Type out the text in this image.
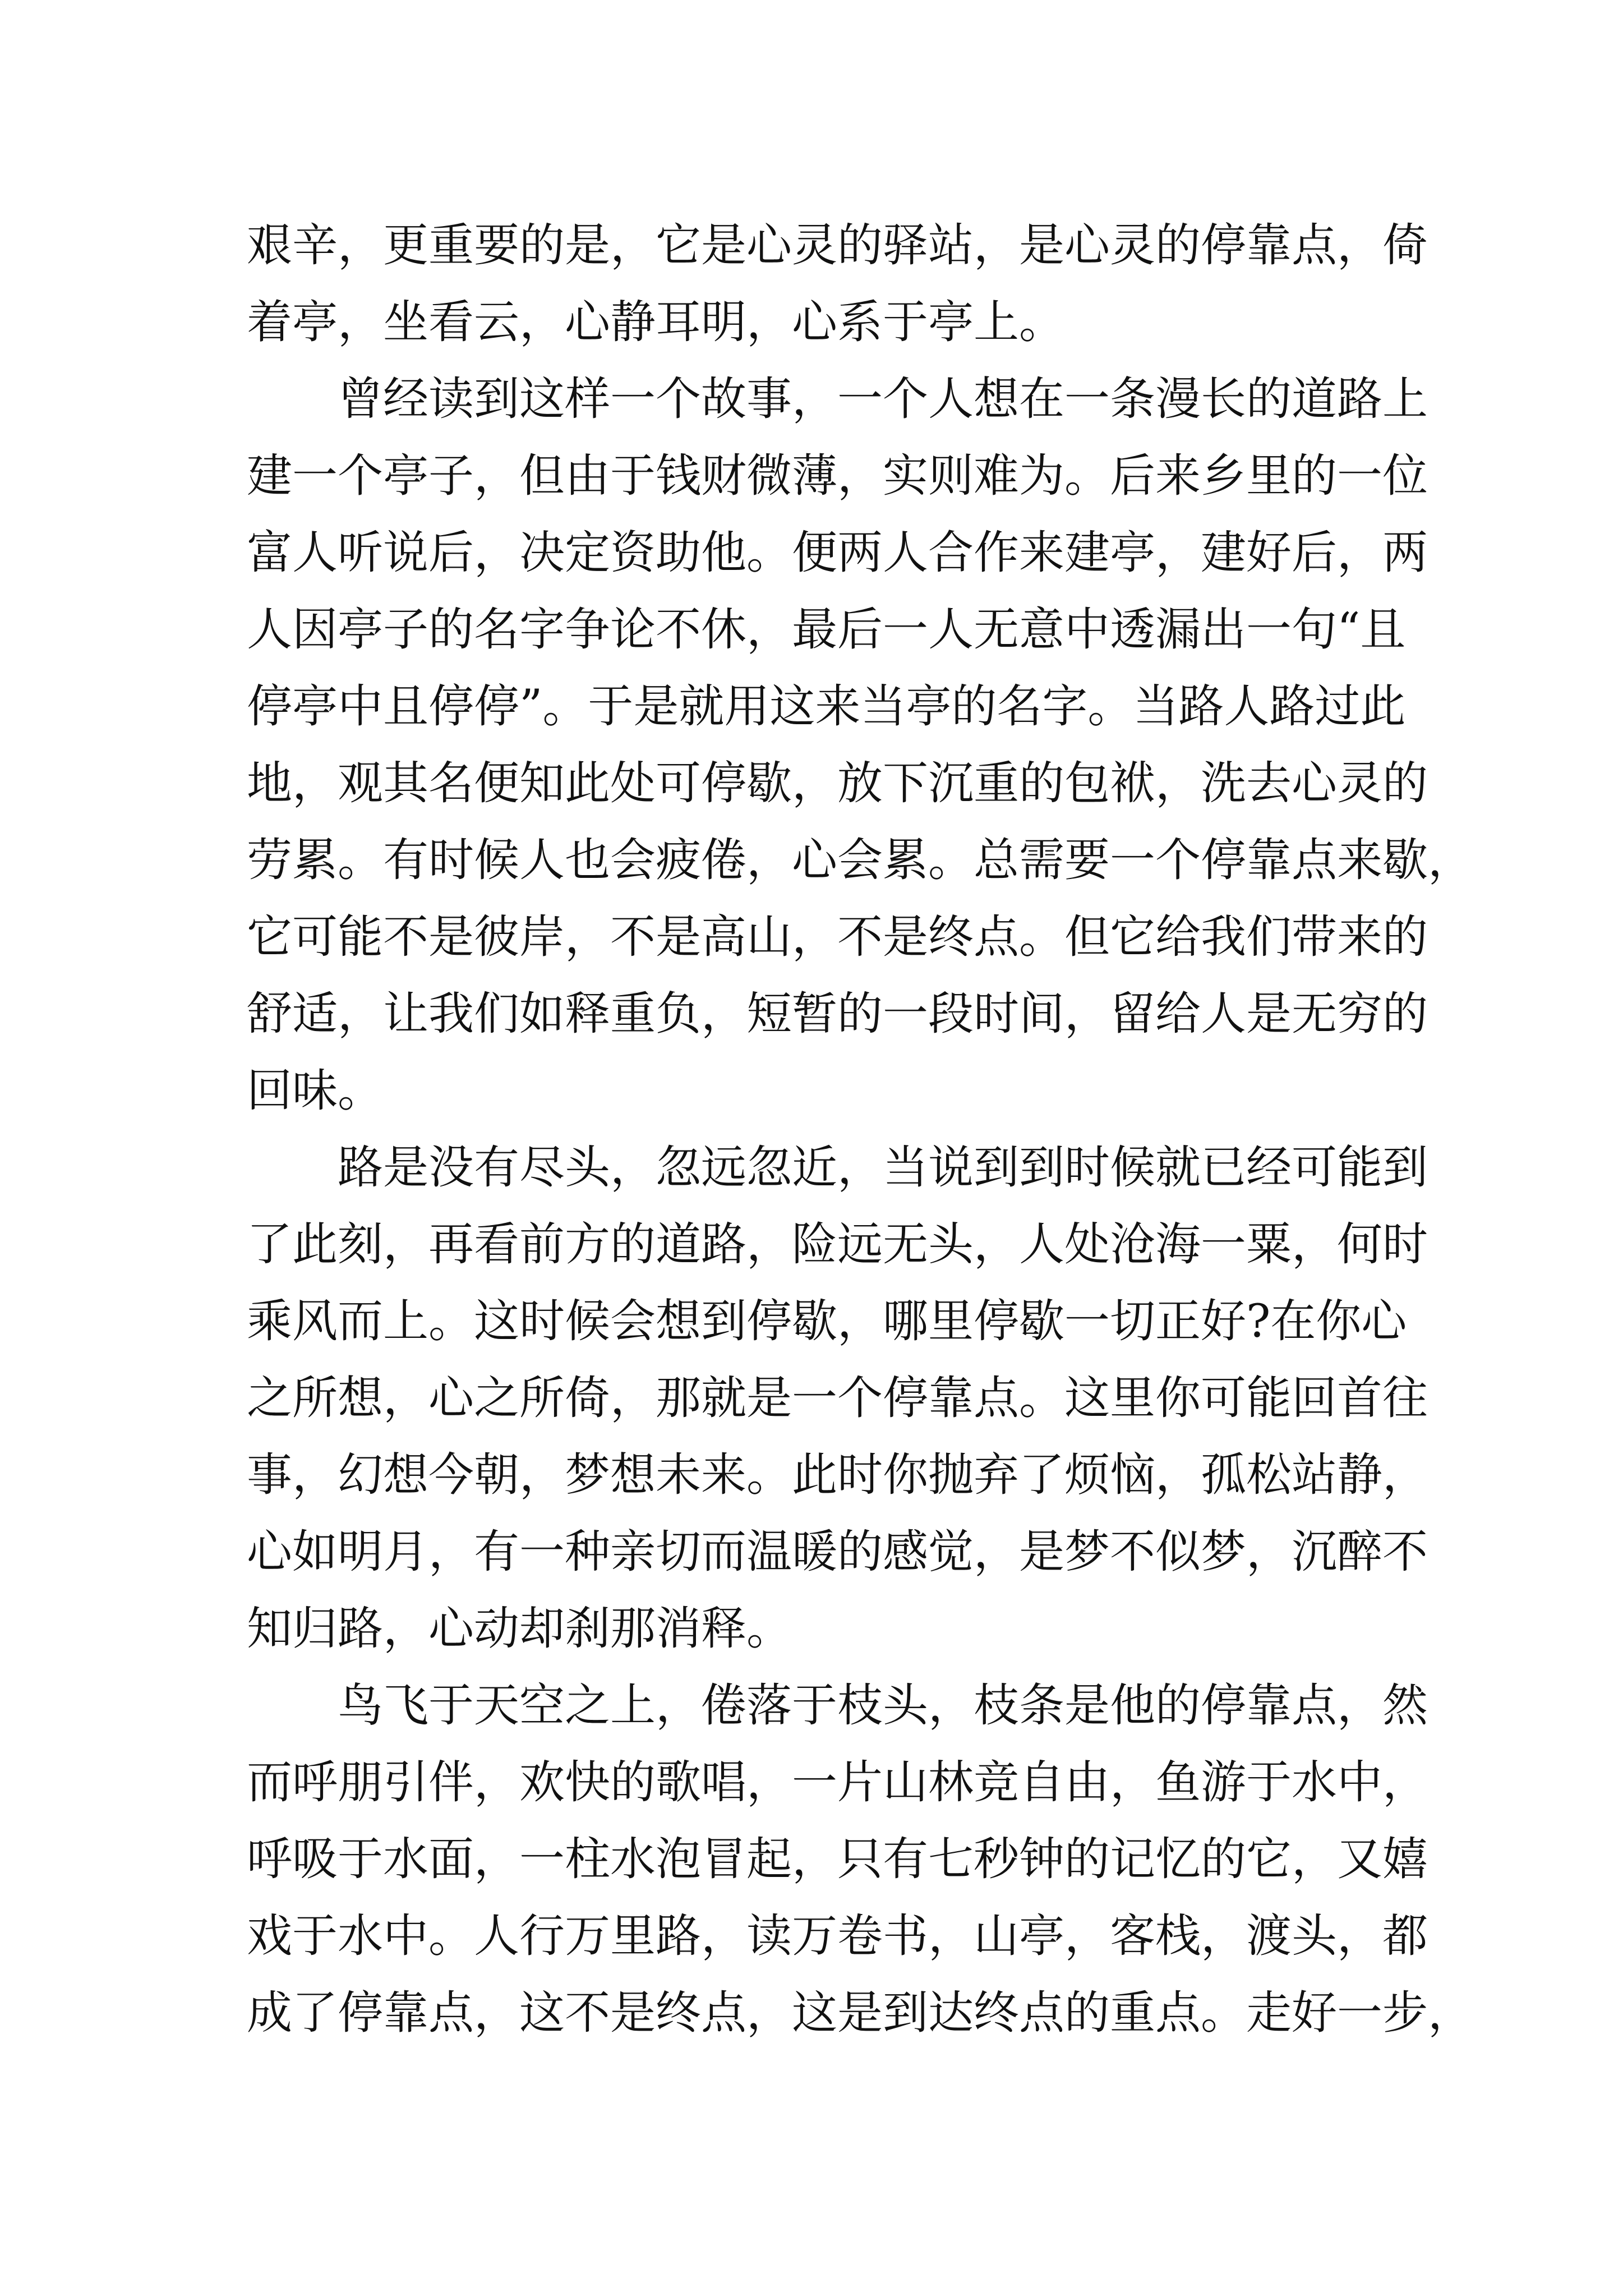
艰辛，更重要的是，它是心灵的驿站，是心灵的停靠点，倚
着亭，坐看云，心静耳明，心系于亭上。
曾经读到这样一个故事，一个人想在一条漫长的道路上
建一个亭子，但由于钱财微薄，实则难为。后来乡里的一位
富人听说后，决定资助他。便两人合作来建亭，建好后，两
人因亭子的名字争论不休，最后一人无意中透漏出一句“且
停亭中且停停”。于是就用这来当亭的名字。当路人路过此
地，观其名便知此处可停歇，放下沉重的包袱，洗去心灵的
劳累。有时候人也会疲倦，心会累。总需要一个停靠点来歇，
它可能不是彼岸，不是高山，不是终点。但它给我们带来的
舒适，让我们如释重负，短暂的一段时间，留给人是无穷的
回味。
路是没有尽头，忽远忽近，当说到到时候就已经可能到
了此刻，再看前方的道路，险远无头，人处沧海一粟，何时
乘风而上。这时候会想到停歇，哪里停歇一切正好?在你心
之所想，心之所倚，那就是一个停靠点。这里你可能回首往
事，幻想今朝，梦想未来。此时你抛弃了烦恼，孤松站静，
心如明月，有一种亲切而温暖的感觉，是梦不似梦，沉醉不
知归路，心动却刹那消释。
鸟飞于天空之上，倦落于枝头，枝条是他的停靠点，然
而呼朋引伴，欢快的歌唱，一片山林竞自由，鱼游于水中，
呼吸于水面，一柱水泡冒起，只有七秒钟的记忆的它，又嬉
戏于水中。人行万里路，读万卷书，山亭，客栈，渡头，都
成了停靠点，这不是终点，这是到达终点的重点。走好一步，
